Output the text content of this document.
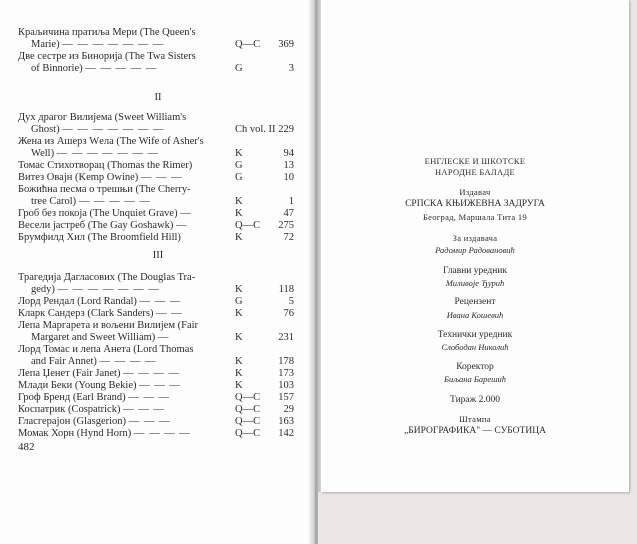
Краљичина пратиља Мери (The Queen's
Marie) — — — — — — —	Q—C 369
Две сестре из Бинорија (The Twa Sisters
of Binnorie) — — — — —	G	3
II
Дух драгог Вилијема (Sweet William's
Ghost) — — — — — — —	Ch vol. II 229
Жена из Ашерз Wела (The Wife of Asher's
Well) — — — — — — —	K	94
Томас Стихотворац (Thomas the Rimer)	G	13
Витез Овајн (Kemp Owine) — — —	G	10
Божићна песма о трешњи (The Cherry-
tree Carol) — — — — —	K	1
Гроб без покоја (The Unquiet Grave) —	K	47
Весели јастреб (The Gay Goshawk) —	Q—C 275
Брумфилд Хил (The Broomfield Hill)	K	72
III
Трагедија Дагласових (The Douglas Tra-
gedy) — — — — — — —	K	118
Лорд Рендал (Lord Randal) — — —	G	5
Кларк Сандерз (Clark Sanders) — —	K	76
Лепа Маргарета и вољени Вилијем (Fair
Margaret and Sweet William) —	K	231
Лорд Томас и лепа Анета (Lord Thomas
and Fair Annet) — — — —	K	178
Лепа Џенет (Fair Janet) — — — —	K	173
Млади Беки (Young Bekie) — — —	K	103
Гроф Бренд (Earl Brand) — — —	Q—C 157
Коспатрик (Cospatrick) — — —	Q—C 29
Гласгерајон (Glasgerion) — — —	Q—C 163
Момак Хорн (Hynd Horn) — — — —	Q—C 142
482
ЕНГЛЕСКЕ И ШКОТСКЕ
НАРОДНЕ БАЛАДЕ
Издавач
СРПСКА КЊИЖЕВНА ЗАДРУГА
Београд, Маршала Тита 19
За издавача
Радомир Радовановић
Главни уредник
Миливоје Ђурић
Рецензент
Ивана Кошевић
Технички уредник
Слободан Николић
Коректор
Биљана Барешић
Тираж 2.000
Штампа
„БИРОГРАФИКА" — СУБОТИЦА
